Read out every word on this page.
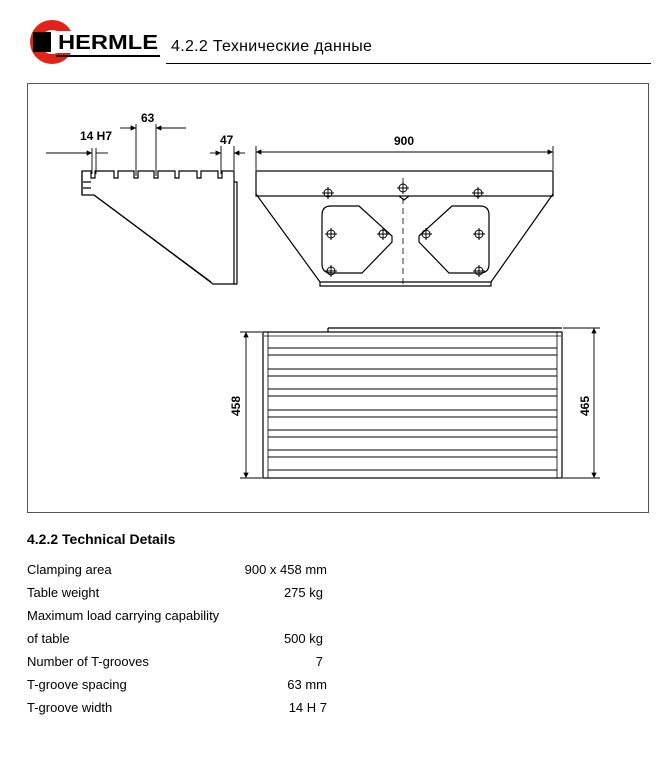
HERMLE 4.2.2 Технические данные
14 H7
63
47	900
458	465
4.2.2 Technical Details
Clamping area	900 x 458 mm
Table weight	275 kg
Maximum load carrying capability
of table	500 kg
Number of T-grooves	7
T-groove spacing	63 mm
T-groove width	14 H 7
